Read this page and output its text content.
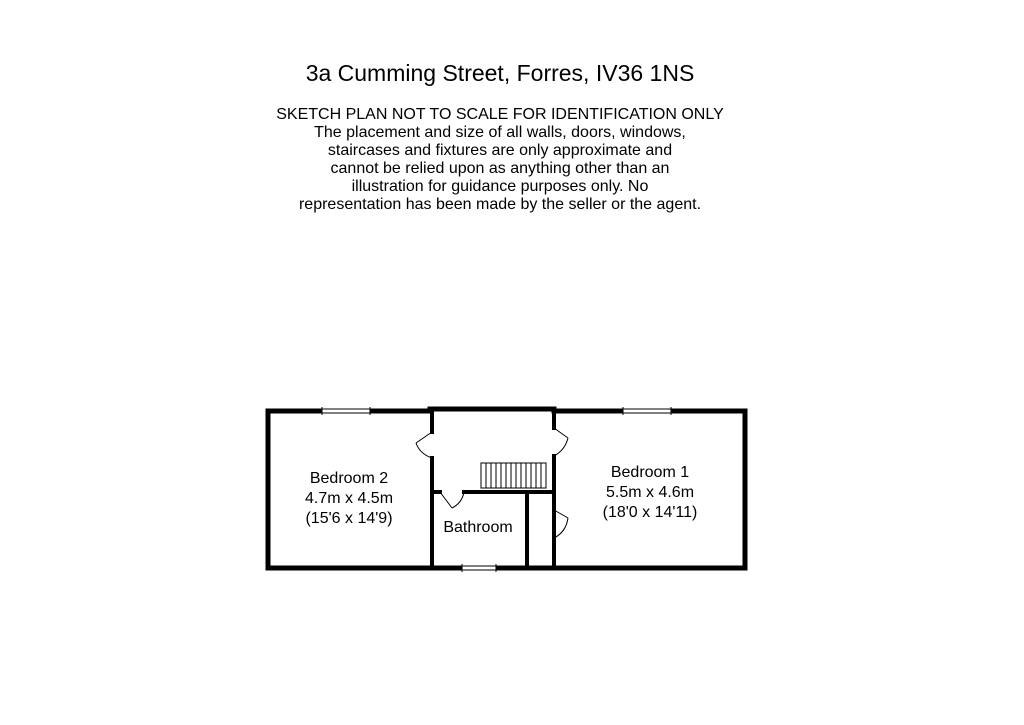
3a Cumming Street, Forres, IV36 1NS
SKETCH PLAN NOT TO SCALE FOR IDENTIFICATION ONLY
The placement and size of all walls, doors, windows,
staircases and fixtures are only approximate and
cannot be relied upon as anything other than an
illustration for guidance purposes only. No
representation has been made by the seller or the agent.
Bedroom 2
4.7m x 4.5m
(15'6 x 14'9)
Bedroom 1
5.5m x 4.6m
(18'0 x 14'11)
Bathroom
